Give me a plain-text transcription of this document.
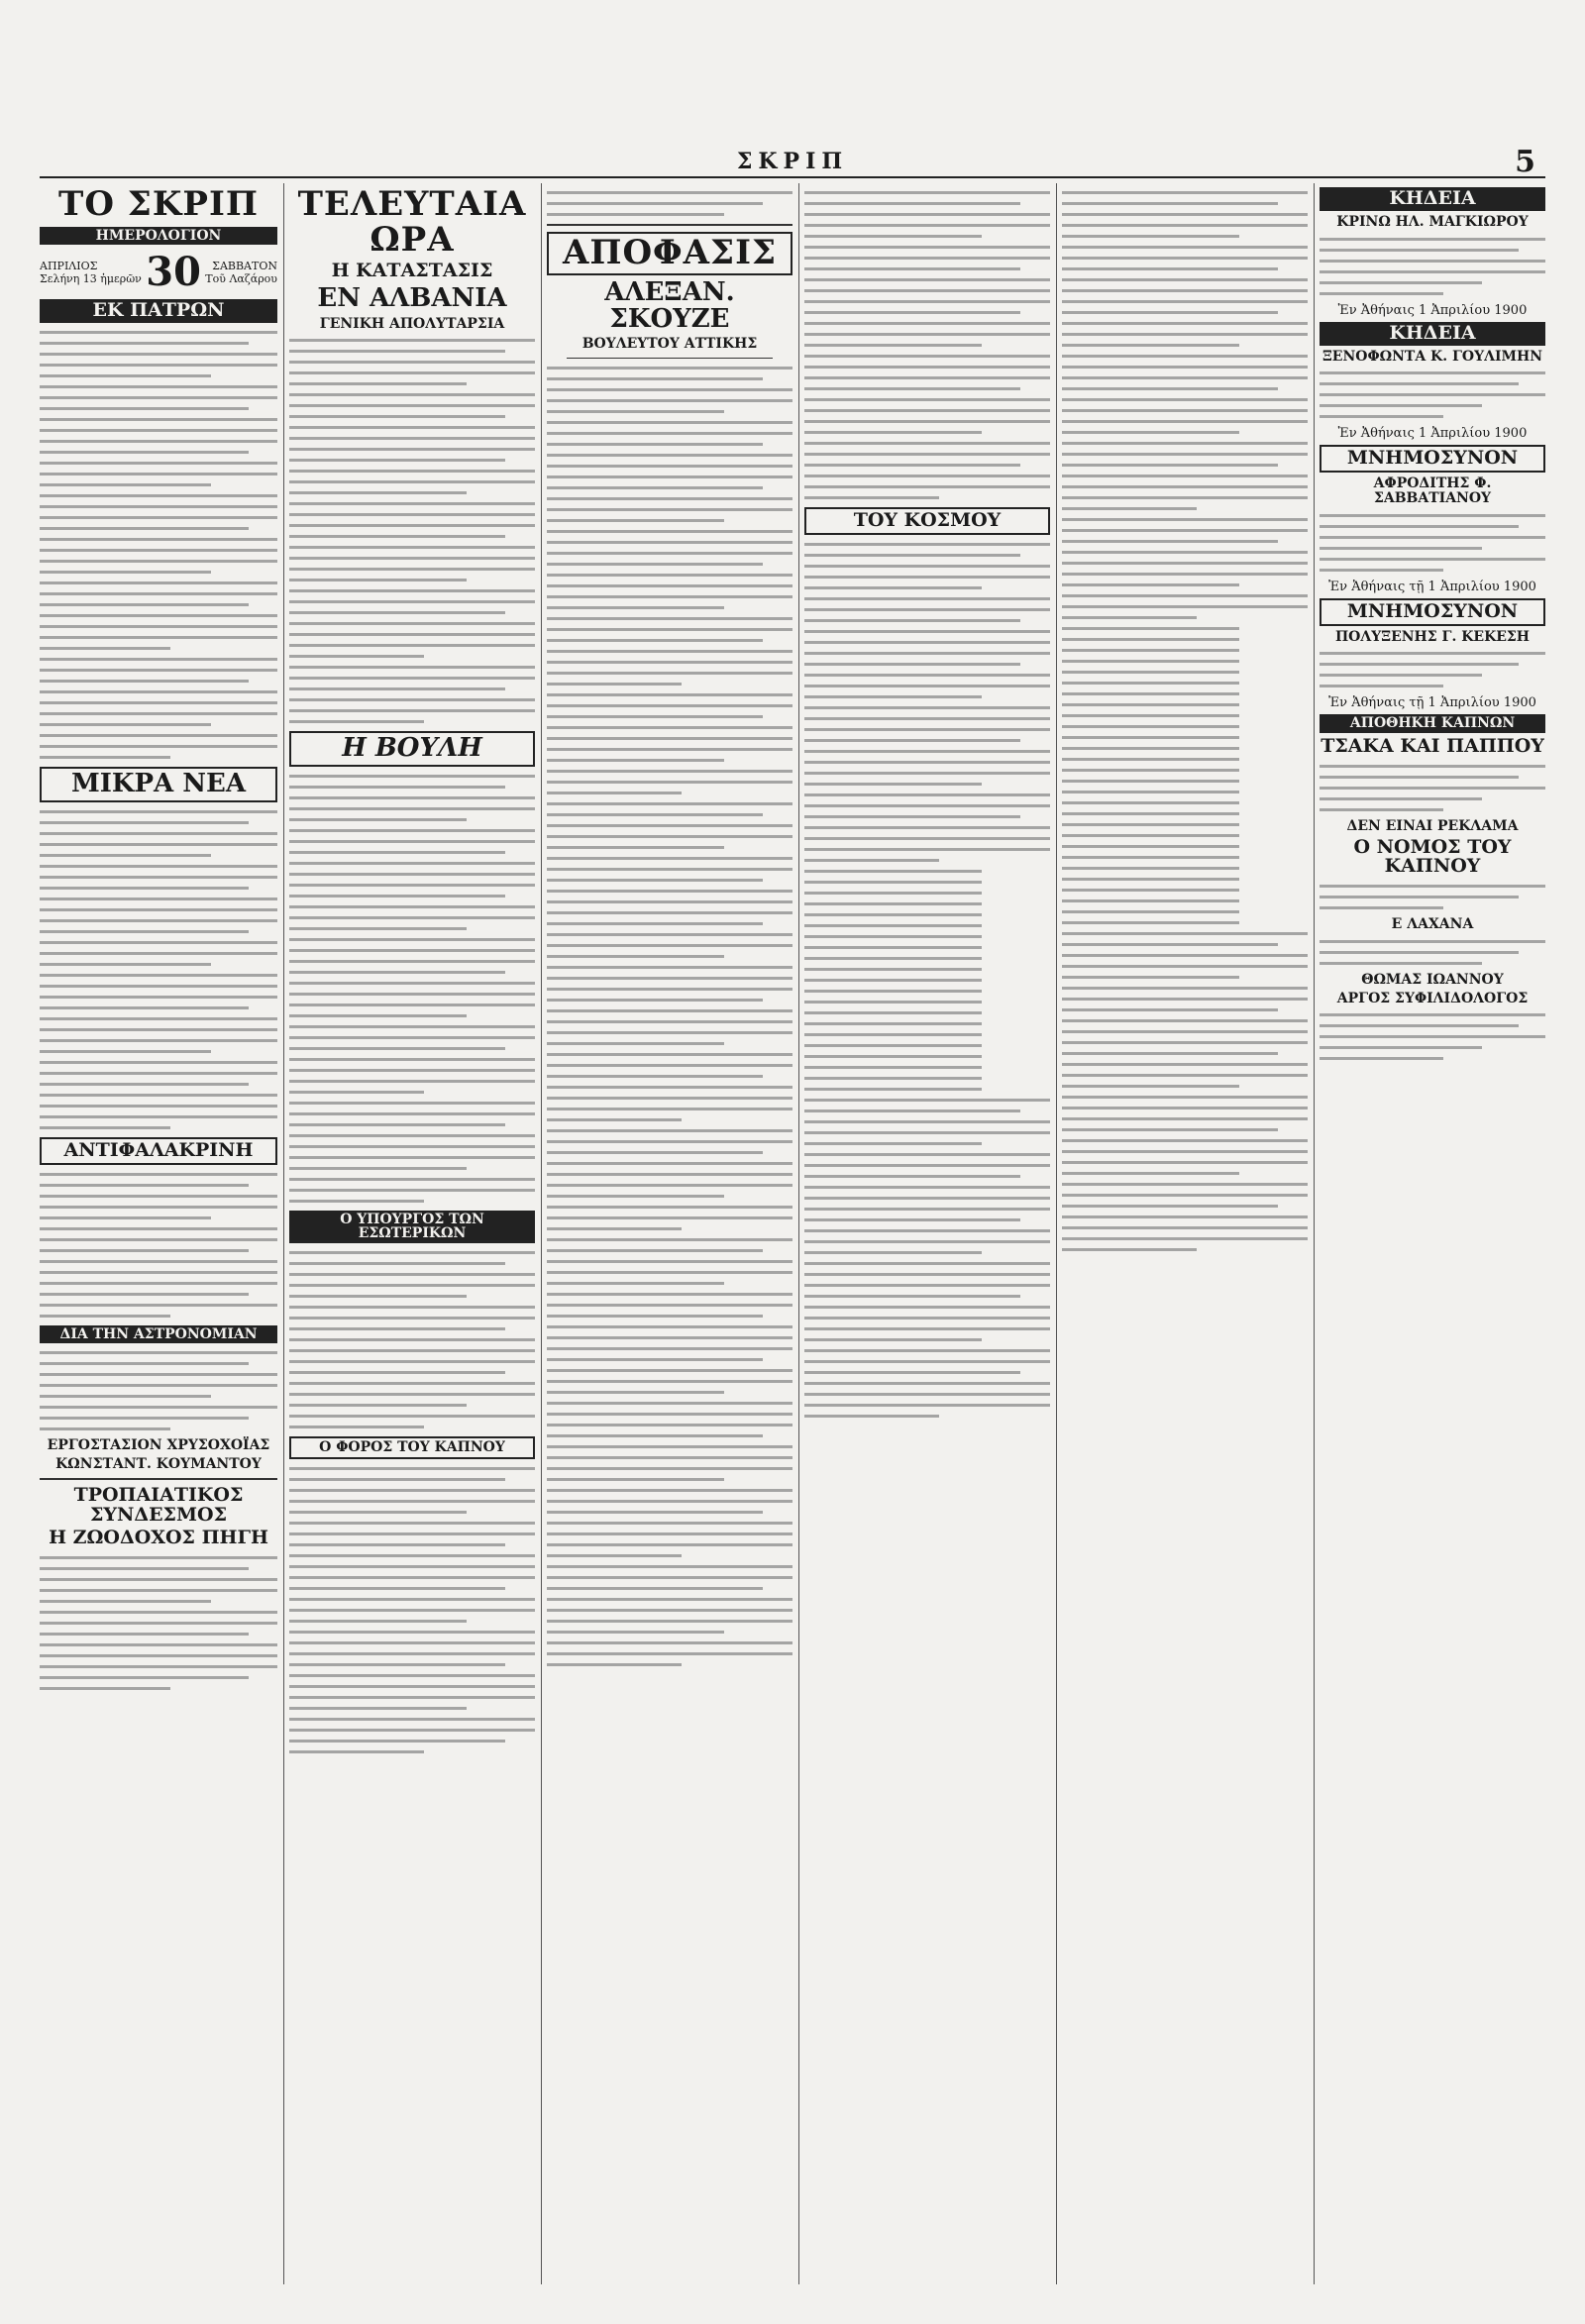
ΣΚΡΙΠ	5
ΤΟ ΣΚΡΙΠ
ΗΜΕΡΟΛΟΓΙΟΝ
ΑΠΡΙΛΙΟΣ
Σελήνη 13 ἡμερῶν 30	ΣΑΒΒΑΤΟΝ
Τοῦ Λαζάρου
ΕΚ ΠΑΤΡΩΝ
ΜΙΚΡΑ ΝΕΑ
ΑΝΤΙΦΑΛΑΚΡΙΝΗ
ΔΙΑ ΤΗΝ ΑΣΤΡΟΝΟΜΙΑΝ
ΕΡΓΟΣΤΑΣΙΟΝ ΧΡΥΣΟΧΟΪΑΣ
ΚΩΝΣΤΑΝΤ. ΚΟΥΜΑΝΤΟΥ
ΤΡΟΠΑΙΑΤΙΚΟΣ ΣΥΝΔΕΣΜΟΣ
Η ΖΩΟΔΟΧΟΣ ΠΗΓΗ
ΤΕΛΕΥΤΑΙΑ ΩΡΑ
Η ΚΑΤΑΣΤΑΣΙΣ
ΕΝ ΑΛΒΑΝΙΑ
ΓΕΝΙΚΗ ΑΠΟΛΥΤΑΡΣΙΑ
Η ΒΟΥΛΗ
Ο ΥΠΟΥΡΓΟΣ ΤΩΝ ΕΣΩΤΕΡΙΚΩΝ
Ο ΦΟΡΟΣ ΤΟΥ ΚΑΠΝΟΥ
ΑΠΟΦΑΣΙΣ
ΑΛΕΞΑΝ. ΣΚΟΥΖΕ
ΒΟΥΛΕΥΤΟΥ ΑΤΤΙΚΗΣ
ΤΟΥ ΚΟΣΜΟΥ
ΚΗΔΕΙΑ
ΚΡΙΝΩ ΗΛ. ΜΑΓΚΙΩΡΟΥ
Ἐν Ἀθήναις 1 Ἀπριλίου 1900
ΚΗΔΕΙΑ
ΞΕΝΟΦΩΝΤΑ Κ. ΓΟΥΛΙΜΗΝ
Ἐν Ἀθήναις 1 Ἀπριλίου 1900
ΜΝΗΜΟΣΥΝΟΝ
ΑΦΡΟΔΙΤΗΣ Φ. ΣΑΒΒΑΤΙΑΝΟΥ
Ἐν Ἀθήναις τῇ 1 Ἀπριλίου 1900
ΜΝΗΜΟΣΥΝΟΝ
ΠΟΛΥΞΕΝΗΣ Γ. ΚΕΚΕΣΗ
Ἐν Ἀθήναις τῇ 1 Ἀπριλίου 1900
ΑΠΟΘΗΚΗ ΚΑΠΝΩΝ
ΤΣΑΚΑ ΚΑΙ ΠΑΠΠΟΥ
ΔΕΝ ΕΙΝΑΙ ΡΕΚΛΑΜΑ
Ο ΝΟΜΟΣ ΤΟΥ ΚΑΠΝΟΥ
Ε ΛΑΧΑΝΑ
ΘΩΜΑΣ ΙΩΑΝΝΟΥ
ΑΡΓΟΣ ΣΥΦΙΛΙΔΟΛΟΓΟΣ
